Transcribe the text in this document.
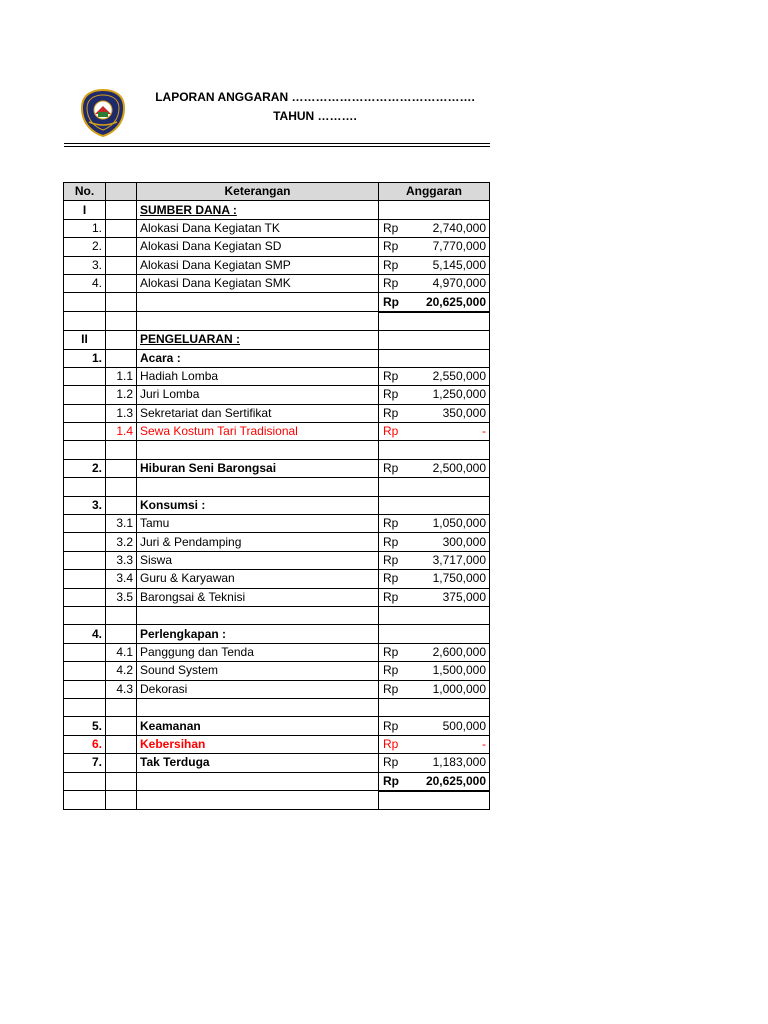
LAPORAN ANGGARAN ……………………………………….
TAHUN ……….
No.		Keterangan	Anggaran	
I		SUMBER DANA :		
1.		Alokasi Dana Kegiatan TK	Rp	2,740,000
2.		Alokasi Dana Kegiatan SD	Rp	7,770,000
3.		Alokasi Dana Kegiatan SMP	Rp	5,145,000
4.		Alokasi Dana Kegiatan SMK	Rp	4,970,000
			Rp	20,625,000

II		PENGELUARAN :		
1.		Acara :		
	1.1	Hadiah Lomba	Rp	2,550,000
	1.2	Juri Lomba	Rp	1,250,000
	1.3	Sekretariat dan Sertifikat	Rp	350,000
	1.4	Sewa Kostum Tari Tradisional	Rp	-

2.		Hiburan Seni Barongsai	Rp	2,500,000

3.		Konsumsi :		
	3.1	Tamu	Rp	1,050,000
	3.2	Juri & Pendamping	Rp	300,000
	3.3	Siswa	Rp	3,717,000
	3.4	Guru & Karyawan	Rp	1,750,000
	3.5	Barongsai & Teknisi	Rp	375,000

4.		Perlengkapan :		
	4.1	Panggung dan Tenda	Rp	2,600,000
	4.2	Sound System	Rp	1,500,000
	4.3	Dekorasi	Rp	1,000,000

5.		Keamanan	Rp	500,000
6.		Kebersihan	Rp	-
7.		Tak Terduga	Rp	1,183,000
			Rp	20,625,000
